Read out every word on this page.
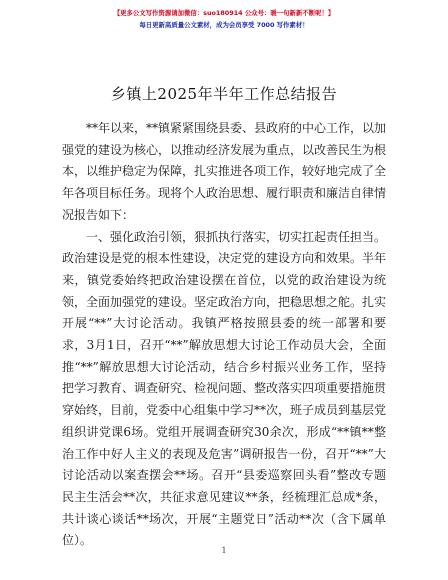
【更多公文写作资源请加微信：suo180914 公众号：暖一句新新不断呢！】
每日更新高质量公文素材，成为会员享受 7000 写作素材！
乡镇上2025年半年工作总结报告

**年以来，**镇紧紧围绕县委、县政府的中心工作，以加强党的建设为核心，以推动经济发展为重点，以改善民生为根本，以维护稳定为保障，扎实推进各项工作，较好地完成了全年各项目标任务。现将个人政治思想、履行职责和廉洁自律情况报告如下：

一、强化政治引领，狠抓执行落实，切实扛起责任担当。政治建设是党的根本性建设，决定党的建设方向和效果。半年来，镇党委始终把政治建设摆在首位，以党的政治建设为统领，全面加强党的建设。坚定政治方向，把稳思想之舵。扎实开展“**”大讨论活动。我镇严格按照县委的统一部署和要求，3月1日，召开“**”解放思想大讨论工作动员大会，全面推“**”解放思想大讨论活动，结合乡村振兴业务工作，坚持把学习教育、调查研究、检视问题、整改落实四项重要措施贯穿始终，目前，党委中心组集中学习**次，班子成员到基层党组织讲党课6场。党组开展调查研究30余次，形成“**镇**整治工作中好人主义的表现及危害”调研报告一份，召开“**”大讨论活动以案查摆会**场。召开“县委巡察回头看”整改专题民主生活会**次，共征求意见建议**条，经梳理汇总成*条，共计谈心谈话**场次，开展“主题党日”活动**次（含下属单位）。

1
